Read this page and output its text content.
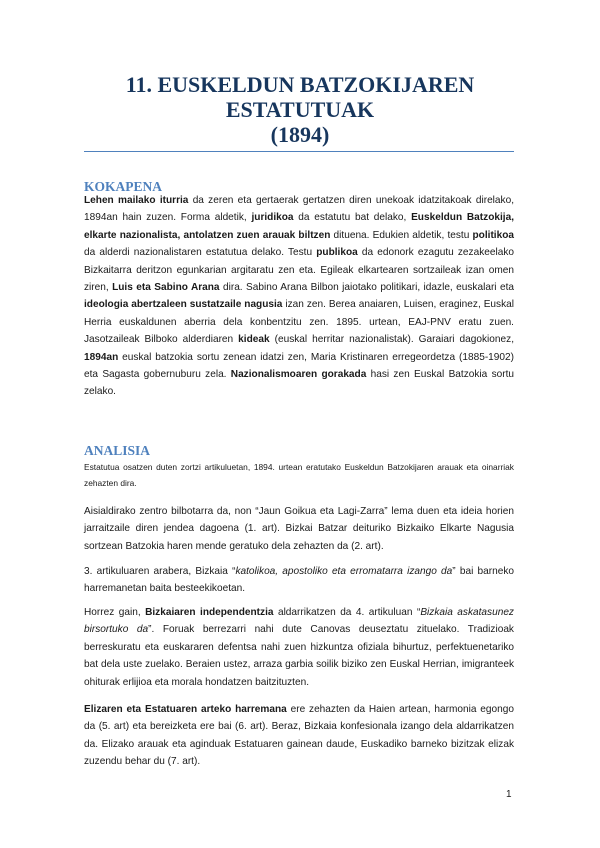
11. EUSKELDUN BATZOKIJAREN
ESTATUTUAK
(1894)
KOKAPENA
Lehen mailako iturria da zeren eta gertaerak gertatzen diren unekoak idatzitakoak direlako, 1894an hain zuzen. Forma aldetik, juridikoa da estatutu bat delako, Euskeldun Batzokija, elkarte nazionalista, antolatzen zuen arauak biltzen dituena. Edukien aldetik, testu politikoa da alderdi nazionalistaren estatutua delako. Testu publikoa da edonork ezagutu zezakeelako Bizkaitarra deritzon egunkarian argitaratu zen eta. Egileak elkartearen sortzaileak izan omen ziren, Luis eta Sabino Arana dira. Sabino Arana Bilbon jaiotako politikari, idazle, euskalari eta ideologia abertzaleen sustatzaile nagusia izan zen. Berea anaiaren, Luisen, eraginez, Euskal Herria euskaldunen aberria dela konbentzitu zen. 1895. urtean, EAJ-PNV eratu zuen. Jasotzaileak Bilboko alderdiaren kideak (euskal herritar nazionalistak). Garaiari dagokionez, 1894an euskal batzokia sortu zenean idatzi zen, Maria Kristinaren erregeordetza (1885-1902) eta Sagasta gobernuburu zela. Nazionalismoaren gorakada hasi zen Euskal Batzokia sortu zelako.
ANALISIA
Estatutua osatzen duten zortzi artikuluetan, 1894. urtean eratutako Euskeldun Batzokijaren arauak eta oinarriak zehazten dira.
Aisialdirako zentro bilbotarra da, non “Jaun Goikua eta Lagi-Zarra” lema duen eta ideia horien jarraitzaile diren jendea dagoena (1. art). Bizkai Batzar deituriko Bizkaiko Elkarte Nagusia sortzean Batzokia haren mende geratuko dela zehazten da (2. art).
3. artikuluaren arabera, Bizkaia “katolikoa, apostoliko eta erromatarra izango da” bai barneko harremanetan baita besteekikoetan.
Horrez gain, Bizkaiaren independentzia aldarrikatzen da 4. artikuluan “Bizkaia askatasunez birsortuko da”. Foruak berrezarri nahi dute Canovas deuseztatu zituelako. Tradizioak berreskuratu eta euskararen defentsa nahi zuen hizkuntza ofiziala bihurtuz, perfektuenetariko bat dela uste zuelako. Beraien ustez, arraza garbia soilik biziko zen Euskal Herrian, imigranteek ohiturak erlijioa eta morala hondatzen baitzituzten.
Elizaren eta Estatuaren arteko harremana ere zehazten da Haien artean, harmonia egongo da (5. art) eta bereizketa ere bai (6. art). Beraz, Bizkaia konfesionala izango dela aldarrikatzen da. Elizako arauak eta aginduak Estatuaren gainean daude, Euskadiko barneko bizitzak elizak zuzendu behar du (7. art).
1
